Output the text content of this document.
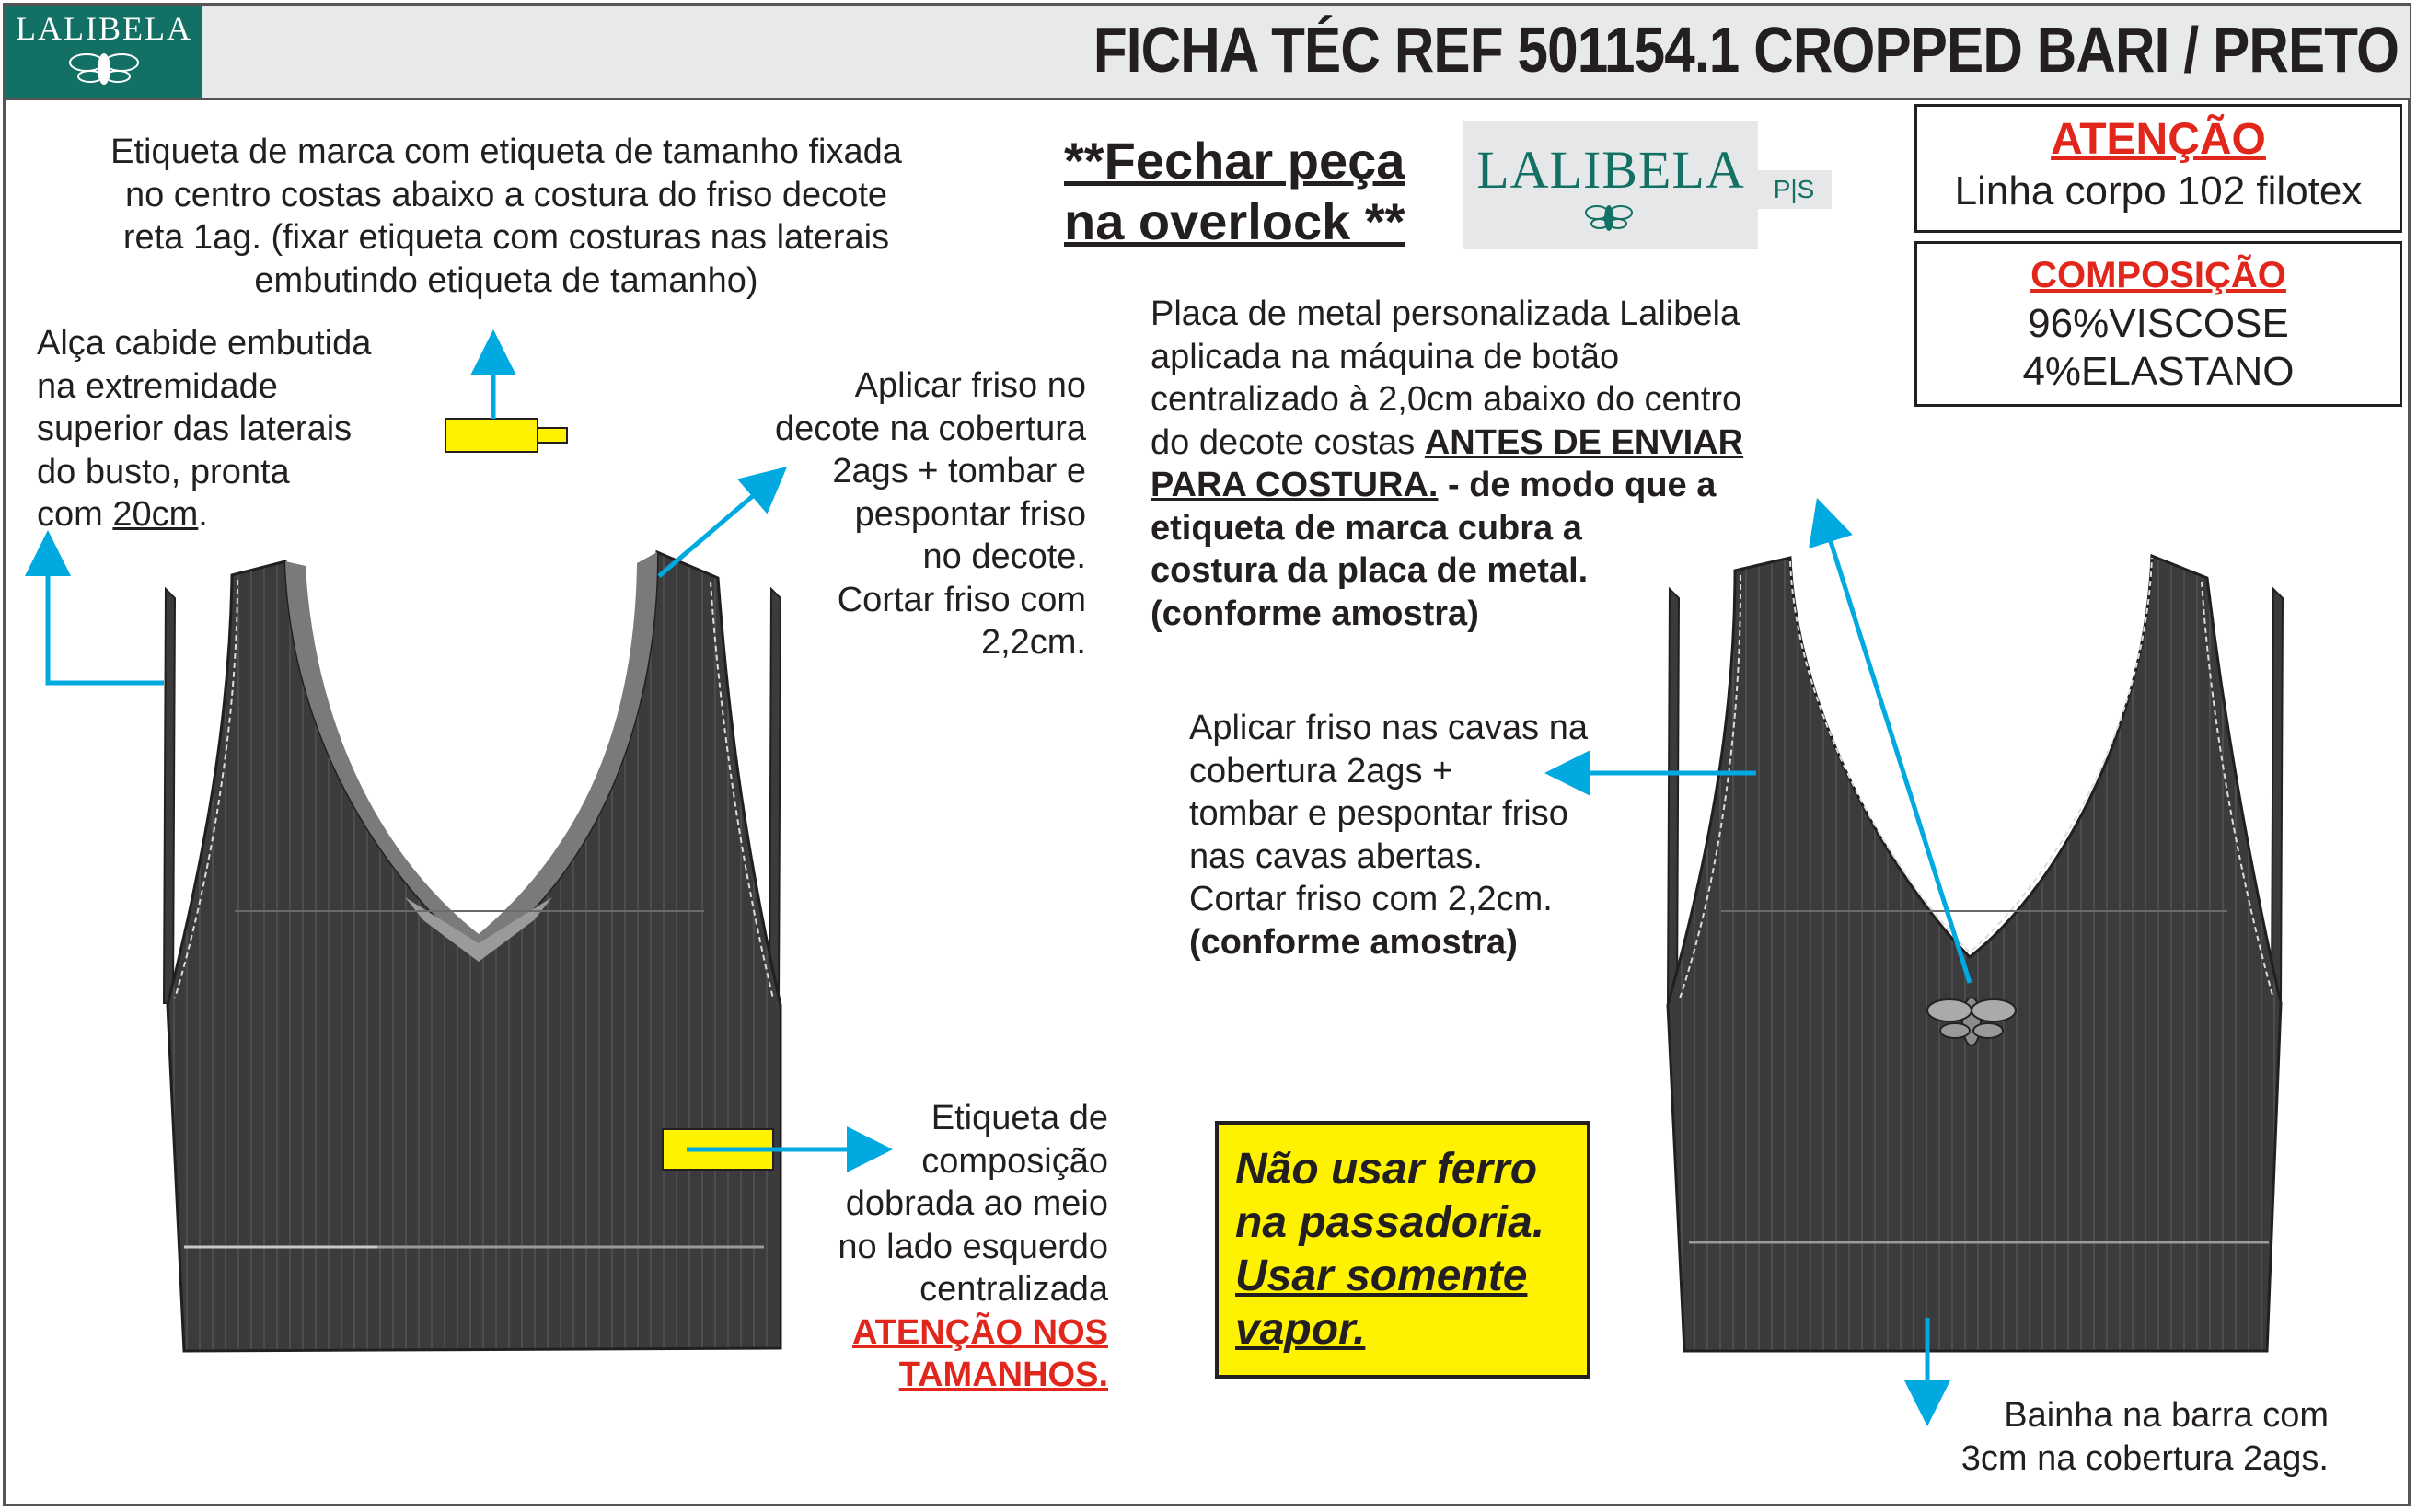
LALIBELA	FICHA TÉC REF 501154.1 CROPPED BARI / PRETO
Etiqueta de marca com etiqueta de tamanho fixada
no centro costas abaixo a costura do friso decote
reta 1ag. (fixar etiqueta com costuras nas laterais
embutindo etiqueta de tamanho)
Alça cabide embutida
na extremidade
superior das laterais
do busto, pronta
com 20cm.
Aplicar friso no
decote na cobertura
2ags + tombar e
pespontar friso
no decote.
Cortar friso com
2,2cm.
**Fechar peça
na overlock **
LALIBELA	P|S
ATENÇÃO
Linha corpo 102 filotex
COMPOSIÇÃO
96%VISCOSE
4%ELASTANO
Placa de metal personalizada Lalibela
aplicada na máquina de botão
centralizado à 2,0cm abaixo do centro
do decote costas ANTES DE ENVIAR
PARA COSTURA. - de modo que a
etiqueta de marca cubra a
costura da placa de metal.
(conforme amostra)
Aplicar friso nas cavas na
cobertura 2ags +
tombar e pespontar friso
nas cavas abertas.
Cortar friso com 2,2cm.
(conforme amostra)
Etiqueta de
composição
dobrada ao meio
no lado esquerdo
centralizada
ATENÇÃO NOS
TAMANHOS.
Não usar ferro
na passadoria.
Usar somente
vapor.
Bainha na barra com
3cm na cobertura 2ags.
